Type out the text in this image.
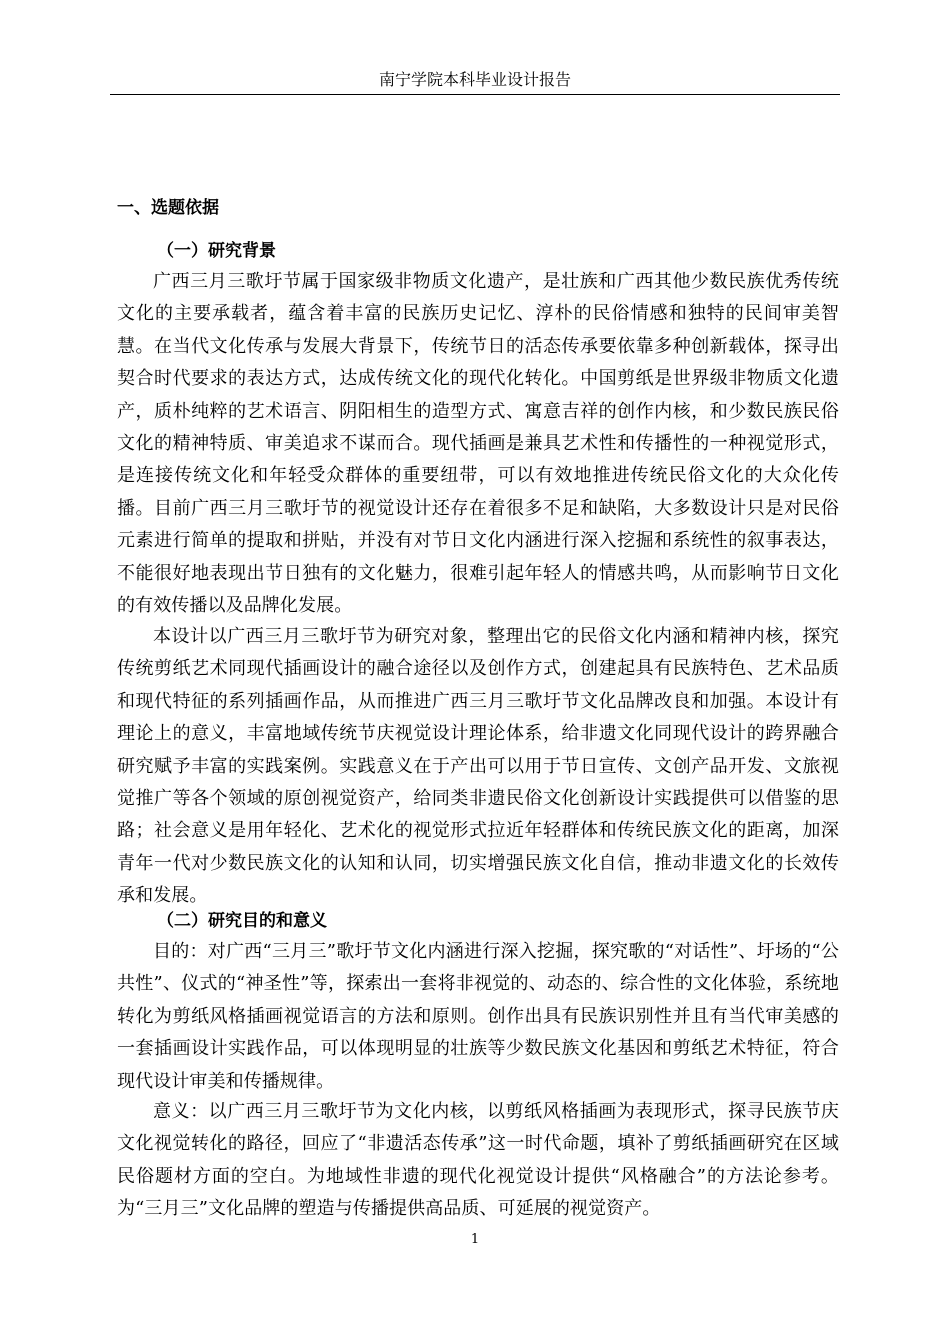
南宁学院本科毕业设计报告
一、选题依据
（一）研究背景
广西三月三歌圩节属于国家级非物质文化遗产，是壮族和广西其他少数民族优秀传统文化的主要承载者，蕴含着丰富的民族历史记忆、淳朴的民俗情感和独特的民间审美智慧。在当代文化传承与发展大背景下，传统节日的活态传承要依靠多种创新载体，探寻出契合时代要求的表达方式，达成传统文化的现代化转化。中国剪纸是世界级非物质文化遗产，质朴纯粹的艺术语言、阴阳相生的造型方式、寓意吉祥的创作内核，和少数民族民俗文化的精神特质、审美追求不谋而合。现代插画是兼具艺术性和传播性的一种视觉形式，是连接传统文化和年轻受众群体的重要纽带，可以有效地推进传统民俗文化的大众化传播。目前广西三月三歌圩节的视觉设计还存在着很多不足和缺陷，大多数设计只是对民俗元素进行简单的提取和拼贴，并没有对节日文化内涵进行深入挖掘和系统性的叙事表达，不能很好地表现出节日独有的文化魅力，很难引起年轻人的情感共鸣，从而影响节日文化的有效传播以及品牌化发展。
本设计以广西三月三歌圩节为研究对象，整理出它的民俗文化内涵和精神内核，探究传统剪纸艺术同现代插画设计的融合途径以及创作方式，创建起具有民族特色、艺术品质和现代特征的系列插画作品，从而推进广西三月三歌圩节文化品牌改良和加强。本设计有理论上的意义，丰富地域传统节庆视觉设计理论体系，给非遗文化同现代设计的跨界融合研究赋予丰富的实践案例。实践意义在于产出可以用于节日宣传、文创产品开发、文旅视觉推广等各个领域的原创视觉资产，给同类非遗民俗文化创新设计实践提供可以借鉴的思路；社会意义是用年轻化、艺术化的视觉形式拉近年轻群体和传统民族文化的距离，加深青年一代对少数民族文化的认知和认同，切实增强民族文化自信，推动非遗文化的长效传承和发展。
（二）研究目的和意义
目的：对广西“三月三”歌圩节文化内涵进行深入挖掘，探究歌的“对话性”、圩场的“公共性”、仪式的“神圣性”等，探索出一套将非视觉的、动态的、综合性的文化体验，系统地转化为剪纸风格插画视觉语言的方法和原则。创作出具有民族识别性并且有当代审美感的一套插画设计实践作品，可以体现明显的壮族等少数民族文化基因和剪纸艺术特征，符合现代设计审美和传播规律。
意义：以广西三月三歌圩节为文化内核，以剪纸风格插画为表现形式，探寻民族节庆文化视觉转化的路径，回应了“非遗活态传承”这一时代命题，填补了剪纸插画研究在区域民俗题材方面的空白。为地域性非遗的现代化视觉设计提供“风格融合”的方法论参考。为“三月三”文化品牌的塑造与传播提供高品质、可延展的视觉资产。
1
